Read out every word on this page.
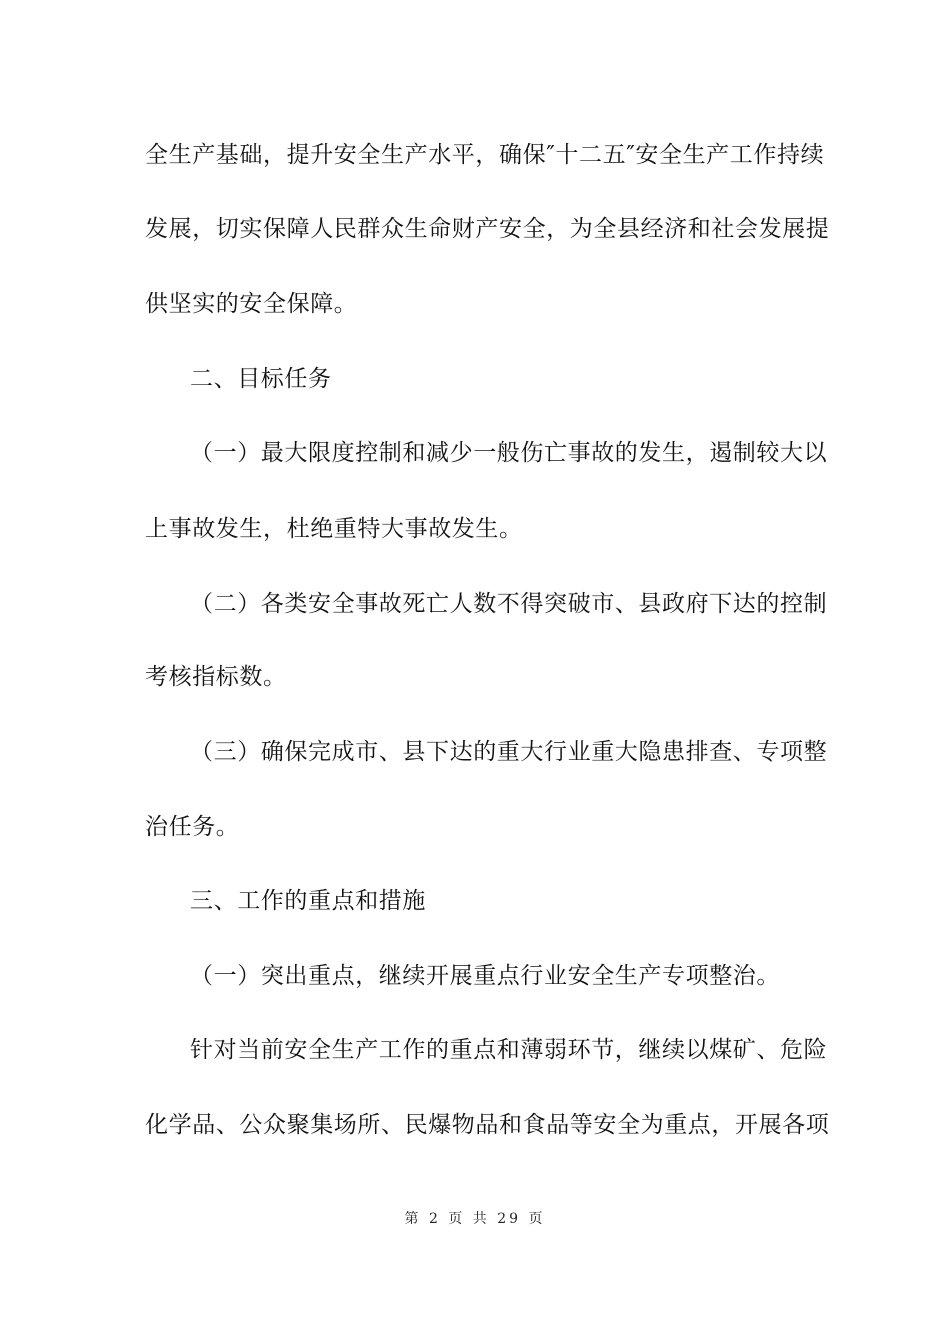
全生产基础，提升安全生产水平，确保″十二五″安全生产工作持续
发展，切实保障人民群众生命财产安全，为全县经济和社会发展提
供坚实的安全保障。
二、目标任务
（一）最大限度控制和减少一般伤亡事故的发生，遏制较大以
上事故发生，杜绝重特大事故发生。
（二）各类安全事故死亡人数不得突破市、县政府下达的控制
考核指标数。
（三）确保完成市、县下达的重大行业重大隐患排查、专项整
治任务。
三、工作的重点和措施
（一）突出重点，继续开展重点行业安全生产专项整治。
针对当前安全生产工作的重点和薄弱环节，继续以煤矿、危险
化学品、公众聚集场所、民爆物品和食品等安全为重点，开展各项
第 2 页 共 29 页
